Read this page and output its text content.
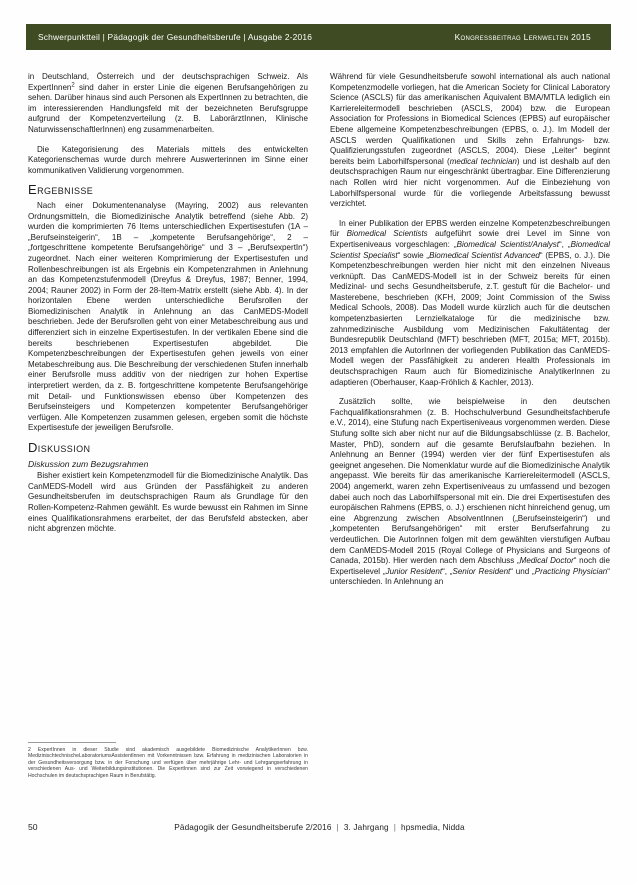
Schwerpunktteil | Pädagogik der Gesundheitsberufe | Ausgabe 2-2016	Kongressbeitrag Lernwelten 2015

in Deutschland, Österreich und der deutschsprachigen Schweiz. Als ExpertInnen$^2$ sind daher in erster Linie die eigenen Berufsangehörigen zu sehen. Darüber hinaus sind auch Personen als ExpertInnen zu betrachten, die im interessierenden Handlungsfeld mit der bezeichneten Berufsgruppe aufgrund der Kompetenzverteilung (z. B. LaborärztInnen, Klinische NaturwissenschaftlerInnen) eng zusammenarbeiten.

Die Kategorisierung des Materials mittels des entwickelten Kategorienschemas wurde durch mehrere Auswerterinnen im Sinne einer kommunikativen Validierung vorgenommen.

Ergebnisse

Nach einer Dokumentenanalyse (Mayring, 2002) aus relevanten Ordnungsmitteln, die Biomedizinische Analytik betreffend (siehe Abb. 2) wurden die komprimierten 76 Items unterschiedlichen Expertisestufen (1A – „Berufseinsteigerin“, 1B – „kompetente Berufsangehörige“, 2 – „fortgeschrittene kompetente Berufsangehörige“ und 3 – „BerufsexpertIn“) zugeordnet. Nach einer weiteren Komprimierung der Expertisestufen und Rollenbeschreibungen ist als Ergebnis ein Kompetenzrahmen in Anlehnung an das Kompetenzstufenmodell (Dreyfus & Dreyfus, 1987; Benner, 1994, 2004; Rauner 2002) in Form der 28-Item-Matrix erstellt (siehe Abb. 4). In der horizontalen Ebene werden unterschiedliche Berufsrollen der Biomedizinischen Analytik in Anlehnung an das CanMEDS-Modell beschrieben. Jede der Berufsrollen geht von einer Metabeschreibung aus und differenziert sich in einzelne Expertisestufen. In der vertikalen Ebene sind die bereits beschriebenen Expertisestufen abgebildet. Die Kompetenzbeschreibungen der Expertisestufen gehen jeweils von einer Metabeschreibung aus. Die Beschreibung der verschiedenen Stufen innerhalb einer Berufsrolle muss additiv von der niedrigen zur hohen Expertise interpretiert werden, da z. B. fortgeschrittene kompetente Berufsangehörige mit Detail- und Funktionswissen ebenso über Kompetenzen des Berufseinsteigers und Kompetenzen kompetenter Berufsangehöriger verfügen. Alle Kompetenzen zusammen gelesen, ergeben somit die höchste Expertisestufe der jeweiligen Berufsrolle.

Diskussion
Diskussion zum Bezugsrahmen

Bisher existiert kein Kompetenzmodell für die Biomedizinische Analytik. Das CanMEDS-Modell wird aus Gründen der Passfähigkeit zu anderen Gesundheitsberufen im deutschsprachigen Raum als Grundlage für den Rollen-Kompetenz-Rahmen gewählt. Es wurde bewusst ein Rahmen im Sinne eines Qualifikationsrahmens erarbeitet, der das Berufsfeld abstecken, aber nicht abgrenzen möchte.

Während für viele Gesundheitsberufe sowohl international als auch national Kompetenzmodelle vorliegen, hat die American Society for Clinical Laboratory Science (ASCLS) für das amerikanischen Äquivalent BMA/MTLA lediglich ein Karriereleitermodell beschrieben (ASCLS, 2004) bzw. die European Association for Professions in Biomedical Sciences (EPBS) auf europäischer Ebene allgemeine Kompetenzbeschreibungen (EPBS, o. J.). Im Modell der ASCLS werden Qualifikationen und Skills zehn Erfahrungs- bzw. Qualifizierungsstufen zugeordnet (ASCLS, 2004). Diese „Leiter“ beginnt bereits beim Laborhilfspersonal (medical technician) und ist deshalb auf den deutschsprachigen Raum nur eingeschränkt übertragbar. Eine Differenzierung nach Rollen wird hier nicht vorgenommen. Auf die Einbeziehung von Laborhilfspersonal wurde für die vorliegende Arbeitsfassung bewusst verzichtet.

In einer Publikation der EPBS werden einzelne Kompetenzbeschreibungen für Biomedical Scientists aufgeführt sowie drei Level im Sinne von Expertiseniveaus vorgeschlagen: „Biomedical Scientist/Analyst“, „Biomedical Scientist Specialist“ sowie „Biomedical Scientist Advanced“ (EPBS, o. J.). Die Kompetenzbeschreibungen werden hier nicht mit den einzelnen Niveaus verknüpft. Das CanMEDS-Modell ist in der Schweiz bereits für einen Medizinal- und sechs Gesundheitsberufe, z.T. gestuft für die Bachelor- und Masterebene, beschrieben (KFH, 2009; Joint Commission of the Swiss Medical Schools, 2008). Das Modell wurde kürzlich auch für die deutschen kompetenzbasierten Lernzielkataloge für die medizinische bzw. zahnmedizinische Ausbildung vom Medizinischen Fakultätentag der Bundesrepublik Deutschland (MFT) beschrieben (MFT, 2015a; MFT, 2015b). 2013 empfahlen die AutorInnen der vorliegenden Publikation das CanMEDS-Modell wegen der Passfähigkeit zu anderen Health Professionals im deutschsprachigen Raum auch für Biomedizinische AnalytikerInnen zu adaptieren (Oberhauser, Kaap-Fröhlich & Kachler, 2013).

Zusätzlich sollte, wie beispielweise in den deutschen Fachqualifikationsrahmen (z. B. Hochschulverbund Gesundheitsfachberufe e.V., 2014), eine Stufung nach Expertiseniveaus vorgenommen werden. Diese Stufung sollte sich aber nicht nur auf die Bildungsabschlüsse (z. B. Bachelor, Master, PhD), sondern auf die gesamte Berufslaufbahn beziehen. In Anlehnung an Benner (1994) werden vier der fünf Expertisestufen als geeignet angesehen. Die Nomenklatur wurde auf die Biomedizinische Analytik angepasst. Wie bereits für das amerikanische Karriereleitermodell (ASCLS, 2004) angemerkt, waren zehn Expertiseniveaus zu umfassend und bezogen dabei auch noch das Laborhilfspersonal mit ein. Die drei Expertisestufen des europäischen Rahmens (EPBS, o. J.) erschienen nicht hinreichend genug, um eine Abgrenzung zwischen AbsolventInnen („Berufseinsteigerin“) und „kompetenten Berufsangehörigen“ mit erster Berufserfahrung zu verdeutlichen. Die AutorInnen folgen mit dem gewählten vierstufigen Aufbau dem CanMEDS-Modell 2015 (Royal College of Physicians and Surgeons of Canada, 2015b). Hier werden nach dem Abschluss „Medical Doctor“ noch die Expertiselevel „Junior Resident“, „Senior Resident“ und „Practicing Physician“ unterschieden. In Anlehnung an

2 ExpertInnen in dieser Studie sind akademisch ausgebildete Biomedizinische AnalytikerInnen bzw. MedizinischtechnischeLaboratoriumsAssistentInnen mit Vorkenntnissen bzw. Erfahrung in medizinischen Laboratorien in der Gesundheitsversorgung bzw. in der Forschung und verfügen über mehrjährige Lehr- und Lehrgangserfahrung in verschiedenen Aus- und Weiterbildungsinstitutionen. Die ExpertInnen sind zur Zeit vorwiegend in verschiedenen Hochschulen im deutschsprachigen Raum in Berufstätig.
50	Pädagogik der Gesundheitsberufe 2/2016 | 3. Jahrgang | hpsmedia, Nidda
